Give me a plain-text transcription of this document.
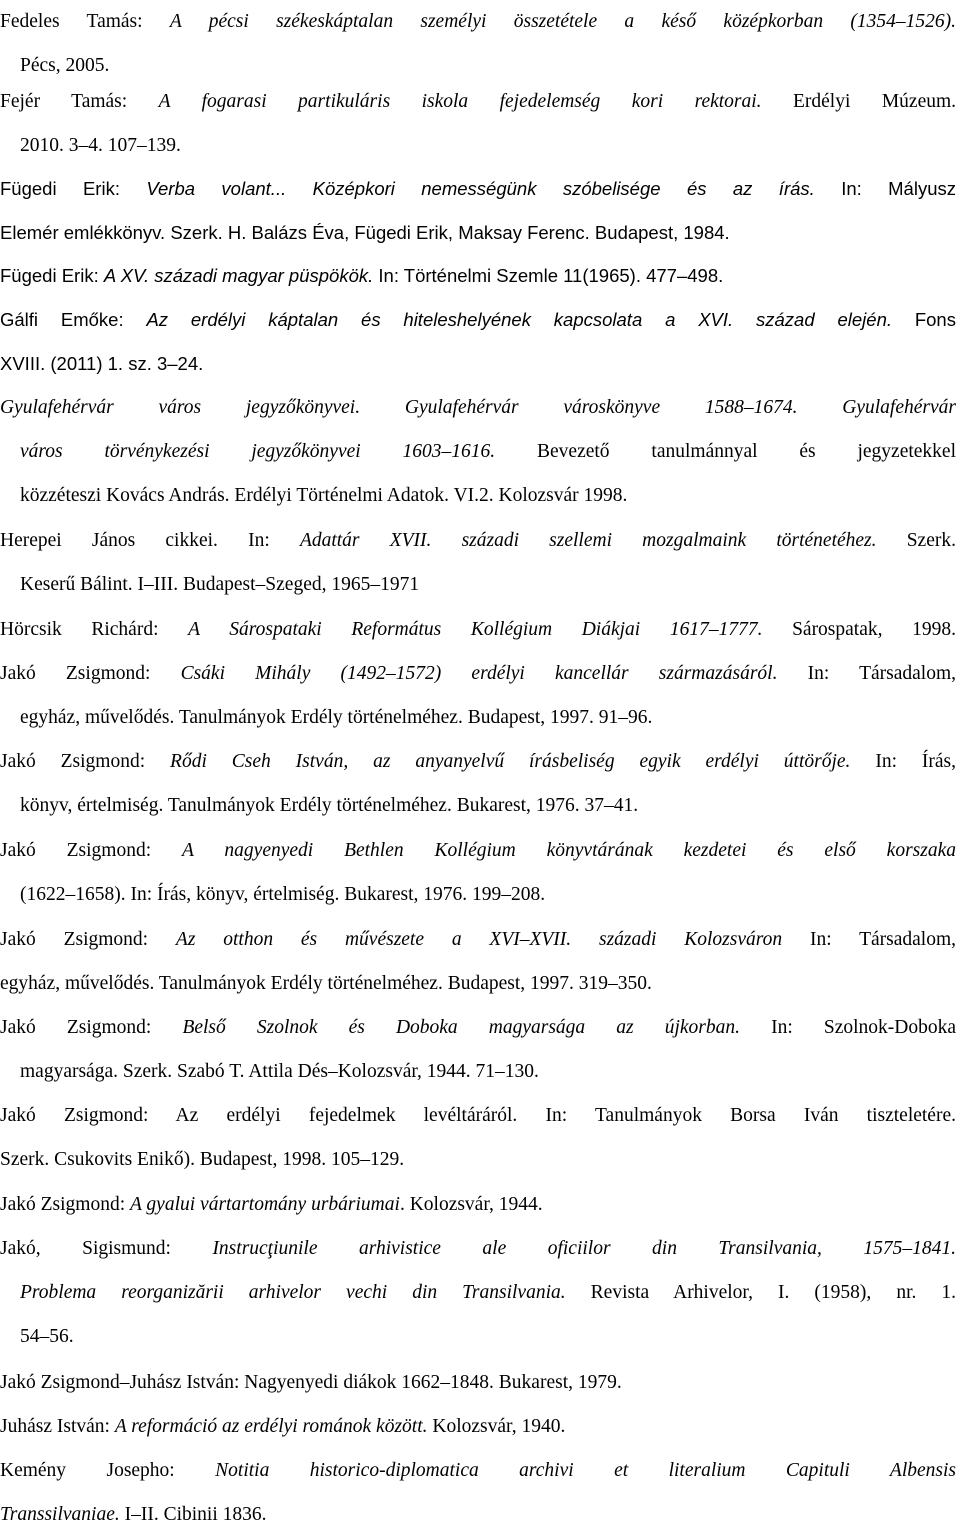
Fedeles Tamás: A pécsi székeskáptalan személyi összetétele a késő középkorban (1354–1526).
Pécs, 2005.
Fejér Tamás: A fogarasi partikuláris iskola fejedelemség kori rektorai. Erdélyi Múzeum.
2010. 3–4. 107–139.
Fügedi Erik: Verba volant... Középkori nemességünk szóbelisége és az írás. In: Mályusz
Elemér emlékkönyv. Szerk. H. Balázs Éva, Fügedi Erik, Maksay Ferenc. Budapest, 1984.
Fügedi Erik: A XV. századi magyar püspökök. In: Történelmi Szemle 11(1965). 477–498.
Gálfi Emőke: Az erdélyi káptalan és hiteleshelyének kapcsolata a XVI. század elején. Fons
XVIII. (2011) 1. sz. 3–24.
Gyulafehérvár város jegyzőkönyvei. Gyulafehérvár városkönyve 1588–1674. Gyulafehérvár
város törvénykezési jegyzőkönyvei 1603–1616. Bevezető tanulmánnyal és jegyzetekkel
közzéteszi Kovács András. Erdélyi Történelmi Adatok. VI.2. Kolozsvár 1998.
Herepei János cikkei. In: Adattár XVII. századi szellemi mozgalmaink történetéhez. Szerk.
Keserű Bálint. I–III. Budapest–Szeged, 1965–1971
Hörcsik Richárd: A Sárospataki Református Kollégium Diákjai 1617–1777. Sárospatak, 1998.
Jakó Zsigmond: Csáki Mihály (1492–1572) erdélyi kancellár származásáról. In: Társadalom,
egyház, művelődés. Tanulmányok Erdély történelméhez. Budapest, 1997. 91–96.
Jakó Zsigmond: Rődi Cseh István, az anyanyelvű írásbeliség egyik erdélyi úttörője. In: Írás,
könyv, értelmiség. Tanulmányok Erdély történelméhez. Bukarest, 1976. 37–41.
Jakó Zsigmond: A nagyenyedi Bethlen Kollégium könyvtárának kezdetei és első korszaka
(1622–1658). In: Írás, könyv, értelmiség. Bukarest, 1976. 199–208.
Jakó Zsigmond: Az otthon és művészete a XVI–XVII. századi Kolozsváron In: Társadalom,
egyház, művelődés. Tanulmányok Erdély történelméhez. Budapest, 1997. 319–350.
Jakó Zsigmond: Belső Szolnok és Doboka magyarsága az újkorban. In: Szolnok-Doboka
magyarsága. Szerk. Szabó T. Attila Dés–Kolozsvár, 1944. 71–130.
Jakó Zsigmond: Az erdélyi fejedelmek levéltáráról. In: Tanulmányok Borsa Iván tiszteletére.
Szerk. Csukovits Enikő). Budapest, 1998. 105–129.
Jakó Zsigmond: A gyalui vártartomány urbáriumai. Kolozsvár, 1944.
Jakó, Sigismund: Instrucţiunile arhivistice ale oficiilor din Transilvania, 1575–1841.
Problema reorganizării arhivelor vechi din Transilvania. Revista Arhivelor, I. (1958), nr. 1.
54–56.
Jakó Zsigmond–Juhász István: Nagyenyedi diákok 1662–1848. Bukarest, 1979.
Juhász István: A reformáció az erdélyi románok között. Kolozsvár, 1940.
Kemény Josepho: Notitia historico-diplomatica archivi et literalium Capituli Albensis
Transsilvaniae. I–II. Cibinii 1836.
